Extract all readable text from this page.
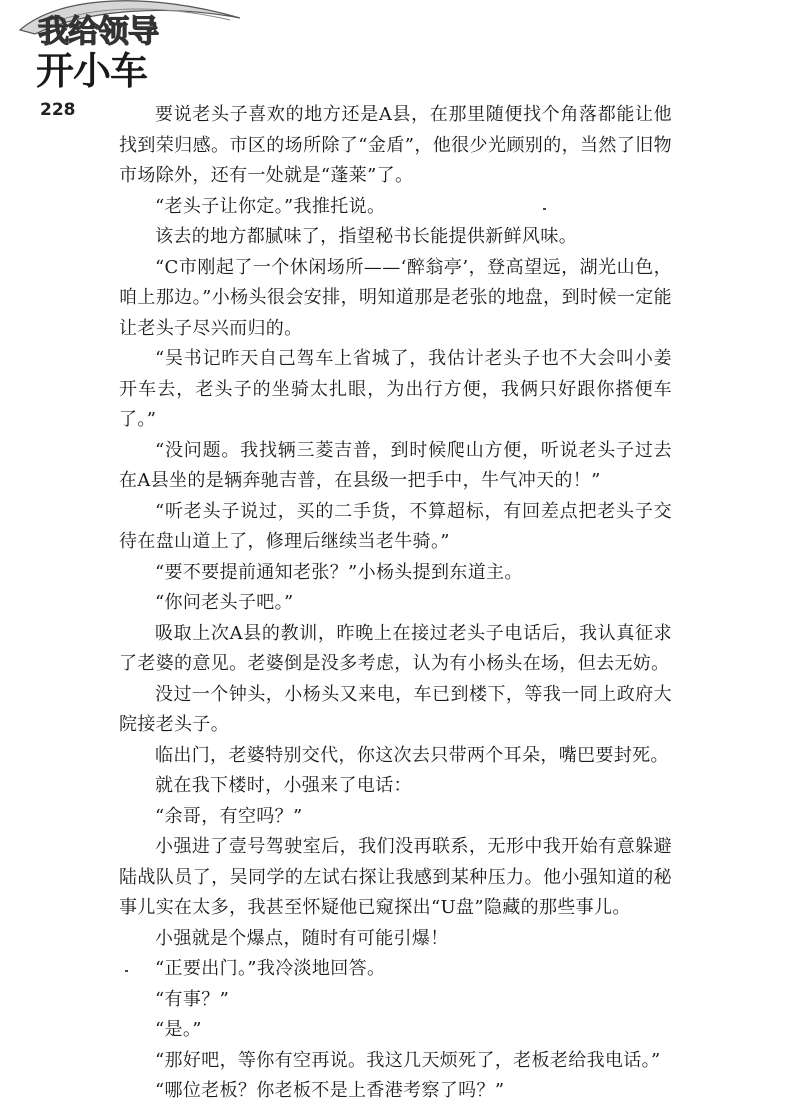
我给领导
开小车
228	要说老头子喜欢的地方还是A县，在那里随便找个角落都能让他找到荣归感。市区的场所除了“金盾”，他很少光顾别的，当然了旧物市场除外，还有一处就是“蓬莱”了。

“老头子让你定。”我推托说。

该去的地方都腻味了，指望秘书长能提供新鲜风味。

“C市刚起了一个休闲场所——‘醉翁亭’，登高望远，湖光山色，咱上那边。”小杨头很会安排，明知道那是老张的地盘，到时候一定能让老头子尽兴而归的。

“吴书记昨天自己驾车上省城了，我估计老头子也不大会叫小姜开车去，老头子的坐骑太扎眼，为出行方便，我俩只好跟你搭便车了。”

“没问题。我找辆三菱吉普，到时候爬山方便，听说老头子过去在A县坐的是辆奔驰吉普，在县级一把手中，牛气冲天的！”

“听老头子说过，买的二手货，不算超标，有回差点把老头子交待在盘山道上了，修理后继续当老牛骑。”

“要不要提前通知老张？”小杨头提到东道主。

“你问老头子吧。”

吸取上次A县的教训，昨晚上在接过老头子电话后，我认真征求了老婆的意见。老婆倒是没多考虑，认为有小杨头在场，但去无妨。

没过一个钟头，小杨头又来电，车已到楼下，等我一同上政府大院接老头子。

临出门，老婆特别交代，你这次去只带两个耳朵，嘴巴要封死。

就在我下楼时，小强来了电话：

“余哥，有空吗？”

小强进了壹号驾驶室后，我们没再联系，无形中我开始有意躲避陆战队员了，吴同学的左试右探让我感到某种压力。他小强知道的秘事儿实在太多，我甚至怀疑他已窥探出“U盘”隐藏的那些事儿。

小强就是个爆点，随时有可能引爆！

“正要出门。”我冷淡地回答。

“有事？”

“是。”

“那好吧，等你有空再说。我这几天烦死了，老板老给我电话。”

“哪位老板？你老板不是上香港考察了吗？”
